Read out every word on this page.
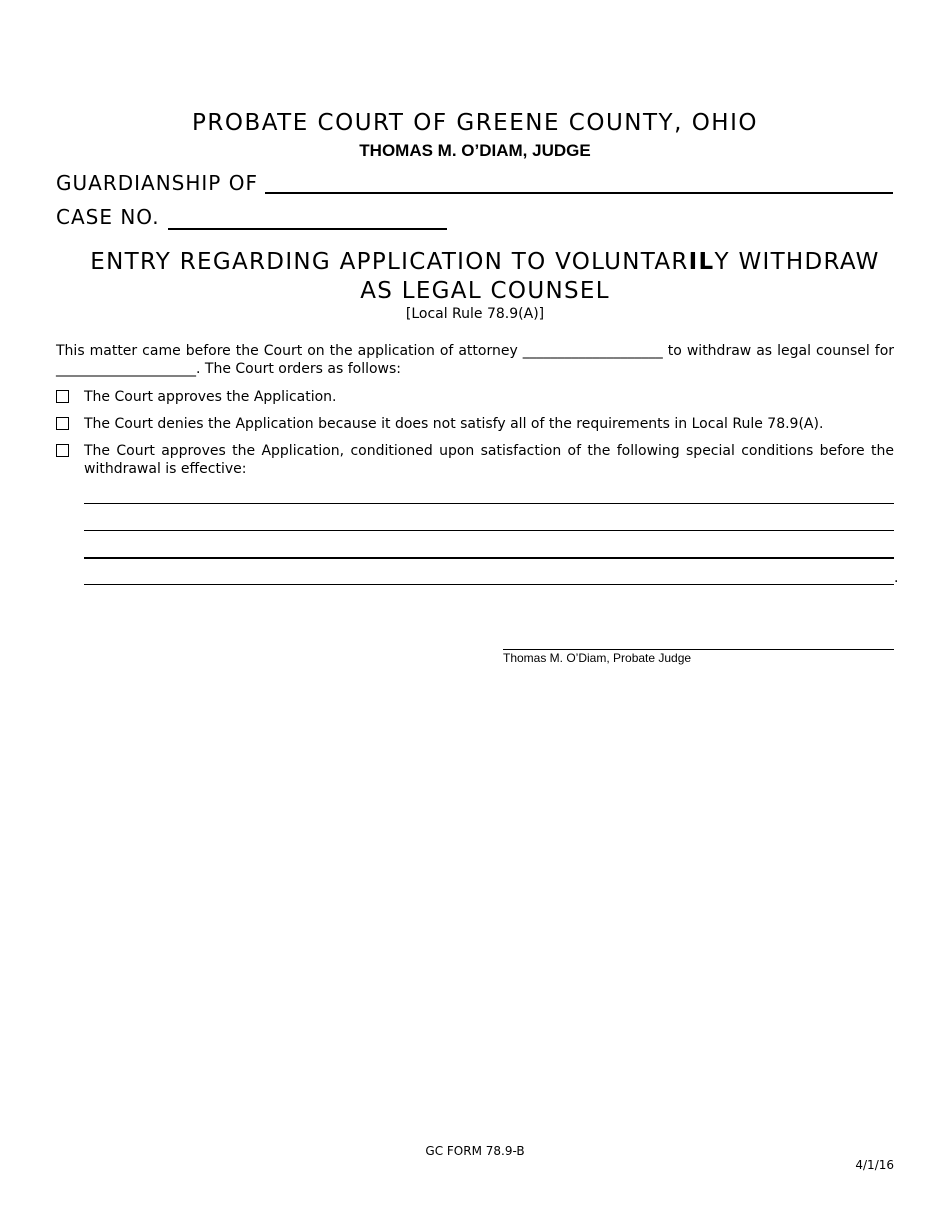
PROBATE COURT OF GREENE COUNTY, OHIO
THOMAS M. O’DIAM, JUDGE
GUARDIANSHIP OF
CASE NO.
ENTRY REGARDING APPLICATION TO VOLUNTARILY WITHDRAW
AS LEGAL COUNSEL
[Local Rule 78.9(A)]
This matter came before the Court on the application of attorney ____________________ to withdraw as legal counsel for ____________________. The Court orders as follows:
The Court approves the Application.
The Court denies the Application because it does not satisfy all of the requirements in Local Rule 78.9(A).
The Court approves the Application, conditioned upon satisfaction of the following special conditions before the withdrawal is effective:
.
Thomas M. O’Diam, Probate Judge
GC FORM 78.9-B
4/1/16
